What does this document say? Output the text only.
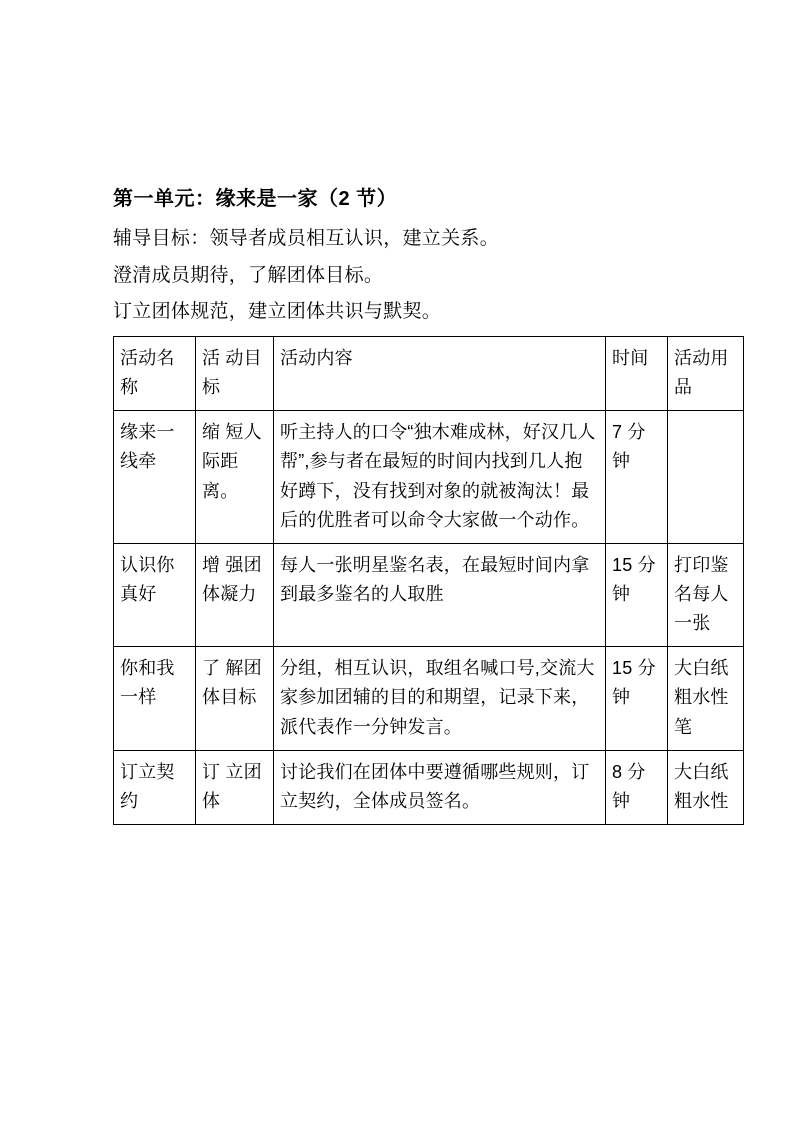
第一单元：缘来是一家（2 节）

辅导目标：领导者成员相互认识，建立关系。

澄清成员期待，了解团体目标。

订立团体规范，建立团体共识与默契。

活动名称	活 动目标	活动内容	时间	活动用品
缘来一线牵	缩 短人 际距离。	听主持人的口令“独木难成林，好汉几人帮”,参与者在最短的时间内找到几人抱好蹲下，没有找到对象的就被淘汰！最后的优胜者可以命令大家做一个动作。	7 分钟	
认识你真好	增 强团 体凝力	每人一张明星鉴名表，在最短时间内拿到最多鉴名的人取胜	15 分钟	打印鉴名每人一张
你和我一样	了 解团 体目标	分组，相互认识，取组名喊口号,交流大家参加团辅的目的和期望，记录下来，派代表作一分钟发言。	15 分钟	大白纸粗水性笔
订立契约	订 立团 体	讨论我们在团体中要遵循哪些规则，订立契约，全体成员签名。	8 分钟	大白纸粗水性
